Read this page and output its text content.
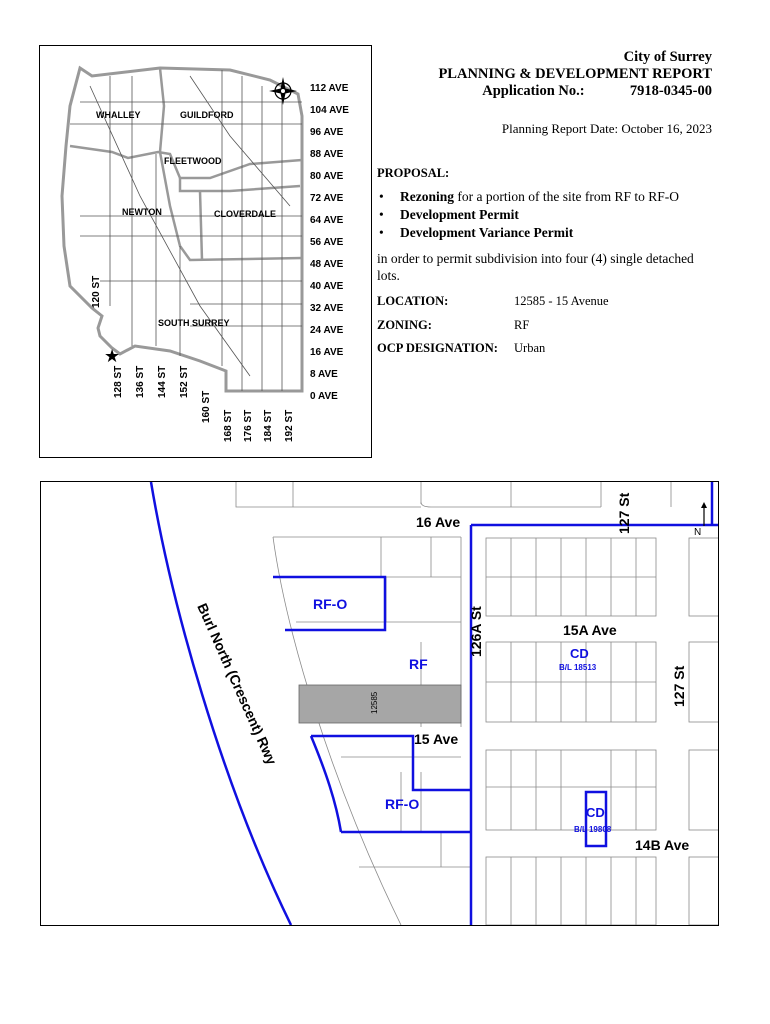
WHALLEY	GUILDFORD
FLEETWOOD
NEWTON	CLOVERDALE
SOUTH SURREY
★
112 AVE
104 AVE
96 AVE
88 AVE
80 AVE
72 AVE
64 AVE
56 AVE
48 AVE
40 AVE
32 AVE
24 AVE
16 AVE
8 AVE
0 AVE
120 ST
128 ST 136 ST 144 ST 152 ST
160 ST
168 ST 176 ST 184 ST 192 ST
City of Surrey
PLANNING & DEVELOPMENT REPORT
Application No.:	7918-0345-00
Planning Report Date: October 16, 2023
PROPOSAL:
• Rezoning for a portion of the site from RF to RF-O
• Development Permit
• Development Variance Permit
in order to permit subdivision into four (4) single detached lots.
LOCATION:	12585 - 15 Avenue
ZONING:	RF
OCP DESIGNATION: Urban
12585
N
16 Ave
15A Ave
15 Ave
14B Ave
126A St
127 St
127 St
Burl North (Crescent) Rwy RF-O
RF
RF-O
CD
B/L 18513
CD
B/L 19808
